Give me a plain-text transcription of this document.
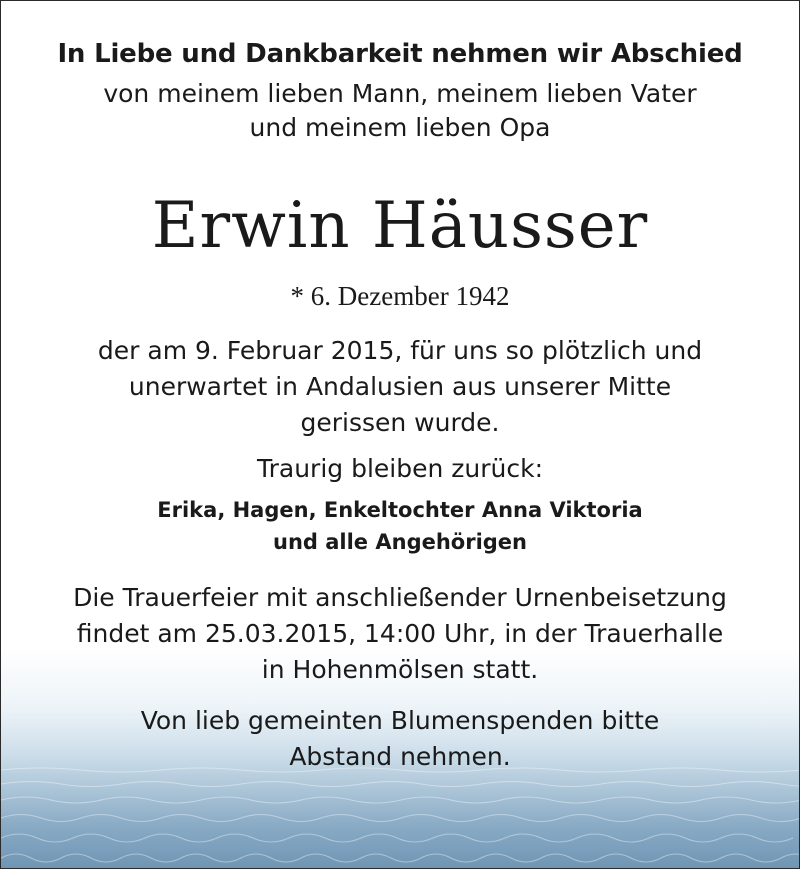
In Liebe und Dankbarkeit nehmen wir Abschied
von meinem lieben Mann, meinem lieben Vater
und meinem lieben Opa
Erwin Häusser
* 6. Dezember 1942
der am 9. Februar 2015, für uns so plötzlich und
unerwartet in Andalusien aus unserer Mitte
gerissen wurde.
Traurig bleiben zurück:
Erika, Hagen, Enkeltochter Anna Viktoria
und alle Angehörigen
Die Trauerfeier mit anschließender Urnenbeisetzung
findet am 25.03.2015, 14:00 Uhr, in der Trauerhalle
in Hohenmölsen statt.
Von lieb gemeinten Blumenspenden bitte
Abstand nehmen.
